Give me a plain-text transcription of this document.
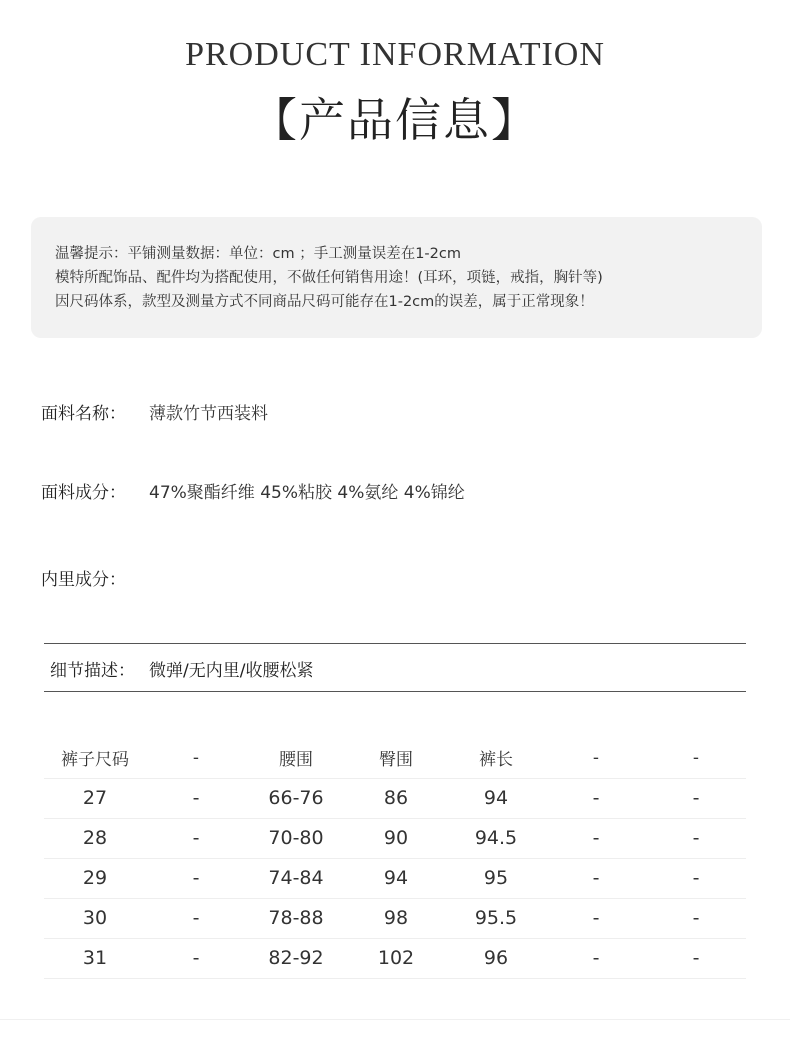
PRODUCT INFORMATION
【产品信息】
温馨提示：平铺测量数据：单位：cm ；手工测量误差在1-2cm
模特所配饰品、配件均为搭配使用，不做任何销售用途！(耳环，项链，戒指，胸针等)
因尺码体系，款型及测量方式不同商品尺码可能存在1-2cm的误差，属于正常现象！
面料名称： 薄款竹节西装料
面料成分： 47%聚酯纤维 45%粘胶 4%氨纶 4%锦纶
内里成分：
细节描述： 微弹/无内里/收腰松紧
裤子尺码	-	腰围	臀围	裤长	-	-
27	-	66-76	86	94	-	-
28	-	70-80	90	94.5	-	-
29	-	74-84	94	95	-	-
30	-	78-88	98	95.5	-	-
31	-	82-92	102	96	-	-
